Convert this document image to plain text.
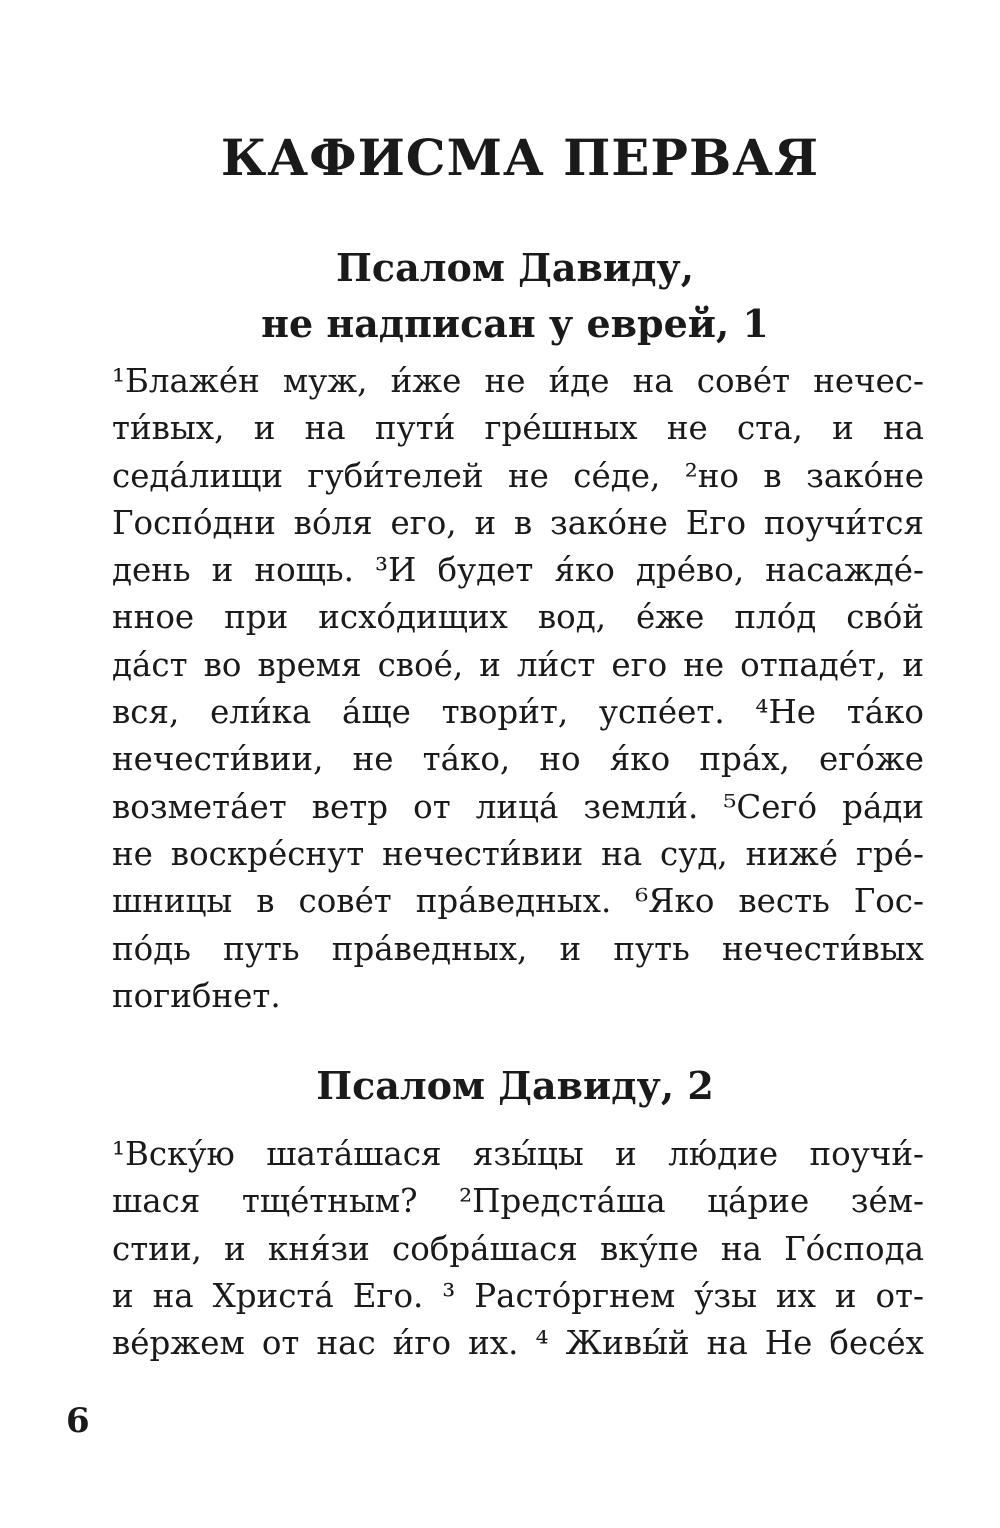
КАФИСМА ПЕРВАЯ
Псалом Давиду,
не надписан у еврей, 1
¹Блаже́н муж, и́же не и́де на сове́т нечес-
ти́вых, и на пути́ гре́шных не ста, и на
седа́лищи губи́телей не се́де, ²но в зако́не
Госпо́дни во́ля его, и в зако́не Его поучи́тся
день и нощь. ³И будет я́ко дре́во, насажде́-
нное при исхо́дищих вод, е́же пло́д сво́й
да́ст во время свое́, и ли́ст его не отпаде́т, и
вся, ели́ка а́ще твори́т, успе́ет. ⁴Не та́ко
нечести́вии, не та́ко, но я́ко пра́х, его́же
возмета́ет ветр от лица́ земли́. ⁵Сего́ ра́ди
не воскре́снут нечести́вии на суд, ниже́ гре́-
шницы в сове́т пра́ведных. ⁶Яко весть Гос-
по́дь путь пра́ведных, и путь нечести́вых
погибнет.
Псалом Давиду, 2
¹Вску́ю шата́шася язы́цы и лю́дие поучи́-
шася тще́тным? ²Предста́ша ца́рие зе́м-
стии, и кня́зи собра́шася вку́пе на Го́спода
и на Христа́ Его. ³ Расто́ргнем у́зы их и от-
ве́ржем от нас и́го их. ⁴ Живы́й на Не бесе́х
6
